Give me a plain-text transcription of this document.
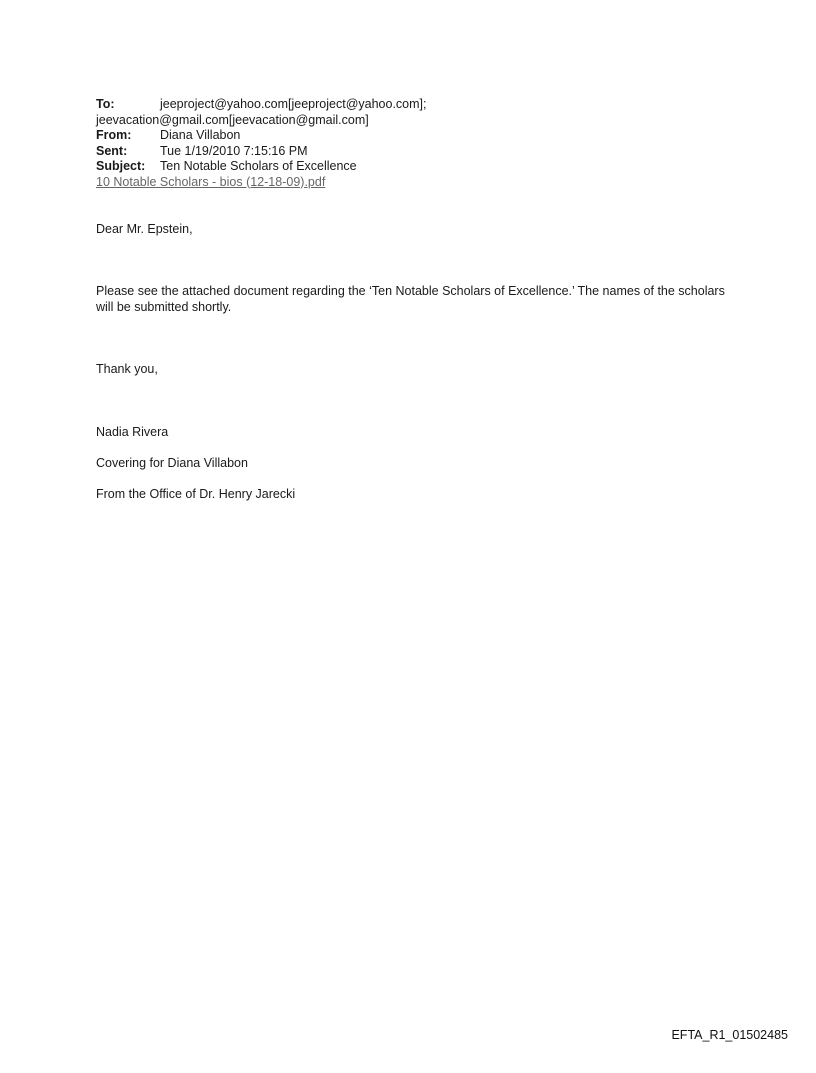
To:	jeeproject@yahoo.com[jeeproject@yahoo.com];
jeevacation@gmail.com[jeevacation@gmail.com]
From:	Diana Villabon
Sent:	Tue 1/19/2010 7:15:16 PM
Subject:	Ten Notable Scholars of Excellence
10 Notable Scholars - bios (12-18-09).pdf

Dear Mr. Epstein,

Please see the attached document regarding the ‘Ten Notable Scholars of Excellence.’ The names of the scholars will be submitted shortly.

Thank you,

Nadia Rivera

Covering for Diana Villabon

From the Office of Dr. Henry Jarecki

EFTA_R1_01502485
